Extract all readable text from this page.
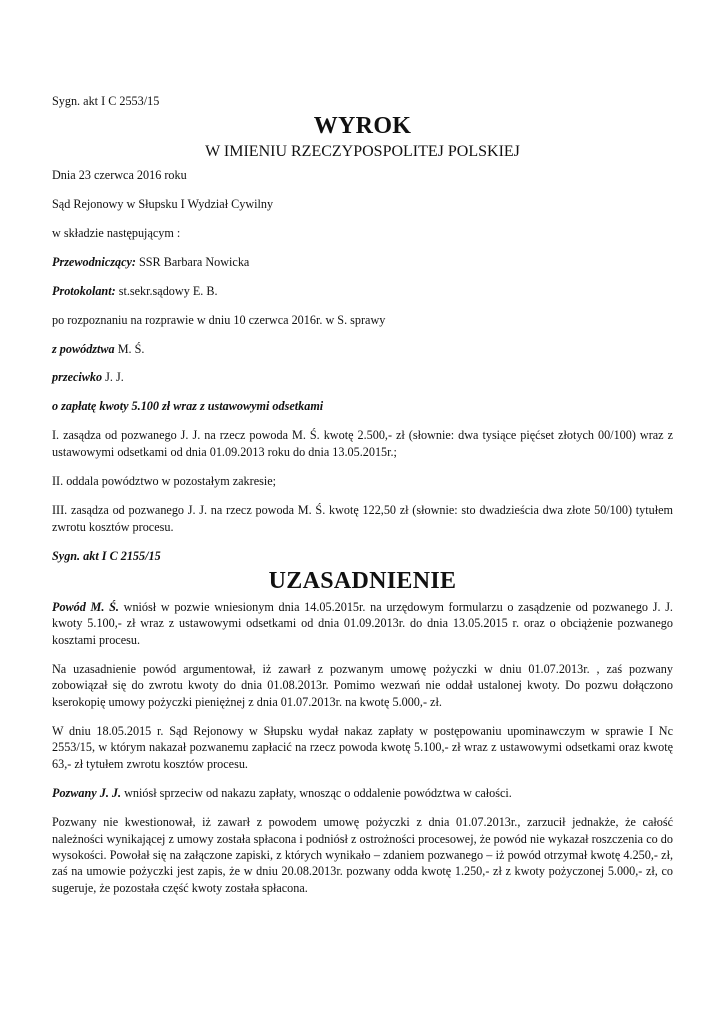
Sygn. akt I C 2553/15

WYROK

W IMIENIU RZECZYPOSPOLITEJ POLSKIEJ

Dnia 23 czerwca 2016 roku

Sąd Rejonowy w Słupsku I Wydział Cywilny

w składzie następującym :

Przewodniczący: SSR Barbara Nowicka

Protokolant: st.sekr.sądowy E. B.

po rozpoznaniu na rozprawie w dniu 10 czerwca 2016r. w S. sprawy

z powództwa M. Ś.

przeciwko J. J.

o zapłatę kwoty 5.100 zł wraz z ustawowymi odsetkami

I. zasądza od pozwanego J. J. na rzecz powoda M. Ś. kwotę 2.500,- zł (słownie: dwa tysiące pięćset złotych 00/100) wraz z ustawowymi odsetkami od dnia 01.09.2013 roku do dnia 13.05.2015r.;

II. oddala powództwo w pozostałym zakresie;

III. zasądza od pozwanego J. J. na rzecz powoda M. Ś. kwotę 122,50 zł (słownie: sto dwadzieścia dwa złote 50/100) tytułem zwrotu kosztów procesu.

Sygn. akt I C 2155/15

UZASADNIENIE

Powód M. Ś. wniósł w pozwie wniesionym dnia 14.05.2015r. na urzędowym formularzu o zasądzenie od pozwanego J. J. kwoty 5.100,- zł wraz z ustawowymi odsetkami od dnia 01.09.2013r. do dnia 13.05.2015 r. oraz o obciążenie pozwanego kosztami procesu.

Na uzasadnienie powód argumentował, iż zawarł z pozwanym umowę pożyczki w dniu 01.07.2013r. , zaś pozwany zobowiązał się do zwrotu kwoty do dnia 01.08.2013r. Pomimo wezwań nie oddał ustalonej kwoty. Do pozwu dołączono kserokopię umowy pożyczki pieniężnej z dnia 01.07.2013r. na kwotę 5.000,- zł.

W dniu 18.05.2015 r. Sąd Rejonowy w Słupsku wydał nakaz zapłaty w postępowaniu upominawczym w sprawie I Nc 2553/15, w którym nakazał pozwanemu zapłacić na rzecz powoda kwotę 5.100,- zł wraz z ustawowymi odsetkami oraz kwotę 63,- zł tytułem zwrotu kosztów procesu.

Pozwany J. J. wniósł sprzeciw od nakazu zapłaty, wnosząc o oddalenie powództwa w całości.

Pozwany nie kwestionował, iż zawarł z powodem umowę pożyczki z dnia 01.07.2013r., zarzucił jednakże, że całość należności wynikającej z umowy została spłacona i podniósł z ostrożności procesowej, że powód nie wykazał roszczenia co do wysokości. Powołał się na załączone zapiski, z których wynikało – zdaniem pozwanego – iż powód otrzymał kwotę 4.250,- zł, zaś na umowie pożyczki jest zapis, że w dniu 20.08.2013r. pozwany odda kwotę 1.250,- zł z kwoty pożyczonej 5.000,- zł, co sugeruje, że pozostała część kwoty została spłacona.
